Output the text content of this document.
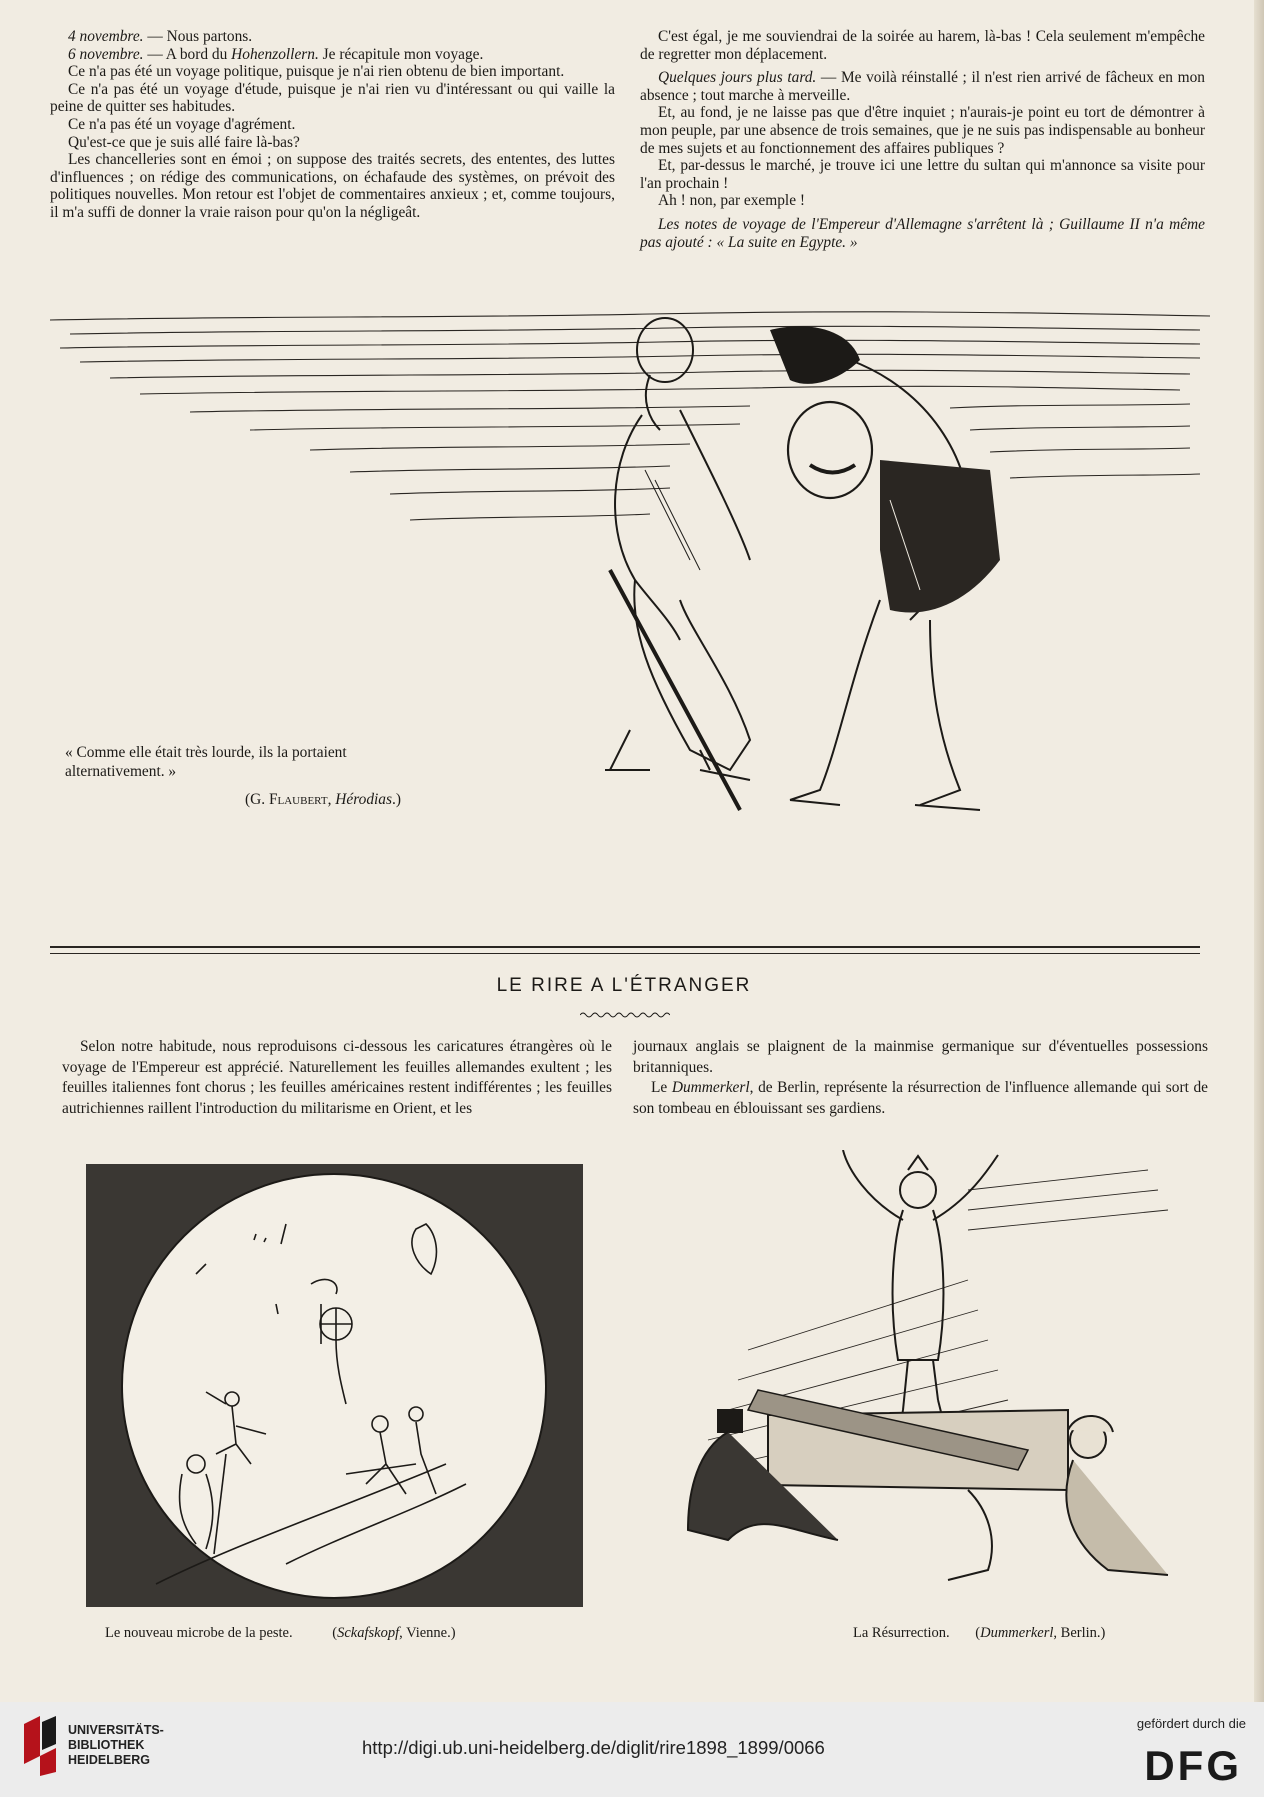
4 novembre. — Nous partons.

6 novembre. — A bord du Hohenzollern. Je récapitule mon voyage.

Ce n'a pas été un voyage politique, puisque je n'ai rien obtenu de bien important.

Ce n'a pas été un voyage d'étude, puisque je n'ai rien vu d'intéressant ou qui vaille la peine de quitter ses habitudes.

Ce n'a pas été un voyage d'agrément.

Qu'est-ce que je suis allé faire là-bas?

Les chancelleries sont en émoi ; on suppose des traités secrets, des ententes, des luttes d'influences ; on rédige des communications, on échafaude des systèmes, on prévoit des politiques nouvelles. Mon retour est l'objet de commentaires anxieux ; et, comme toujours, il m'a suffi de donner la vraie raison pour qu'on la négligeât.

C'est égal, je me souviendrai de la soirée au harem, là-bas ! Cela seulement m'empêche de regretter mon déplacement.

Quelques jours plus tard. — Me voilà réinstallé ; il n'est rien arrivé de fâcheux en mon absence ; tout marche à merveille.

Et, au fond, je ne laisse pas que d'être inquiet ; n'aurais-je point eu tort de démontrer à mon peuple, par une absence de trois semaines, que je ne suis pas indispensable au bonheur de mes sujets et au fonctionnement des affaires publiques ?

Et, par-dessus le marché, je trouve ici une lettre du sultan qui m'annonce sa visite pour l'an prochain !

Ah ! non, par exemple !

Les notes de voyage de l'Empereur d'Allemagne s'arrêtent là ; Guillaume II n'a même pas ajouté : « La suite en Egypte. »

« Comme elle était très lourde, ils la portaient
alternativement. »
(G. Flaubert, Hérodias.)
LE RIRE A L'ÉTRANGER

Selon notre habitude, nous reproduisons ci-dessous les caricatures étrangères où le voyage de l'Empereur est apprécié. Naturellement les feuilles allemandes exultent ; les feuilles italiennes font chorus ; les feuilles américaines restent indifférentes ; les feuilles autrichiennes raillent l'introduction du militarisme en Orient, et les

journaux anglais se plaignent de la mainmise germanique sur d'éventuelles possessions britanniques.

Le Dummerkerl, de Berlin, représente la résurrection de l'influence allemande qui sort de son tombeau en éblouissant ses gardiens.

Le nouveau microbe de la peste.	(Sckafskopf, Vienne.)	La Résurrection. (Dummerkerl, Berlin.)
UNIVERSITÄTS-
BIBLIOTHEK
HEIDELBERG
http://digi.ub.uni-heidelberg.de/diglit/rire1898_1899/0066
gefördert durch die
DFG
